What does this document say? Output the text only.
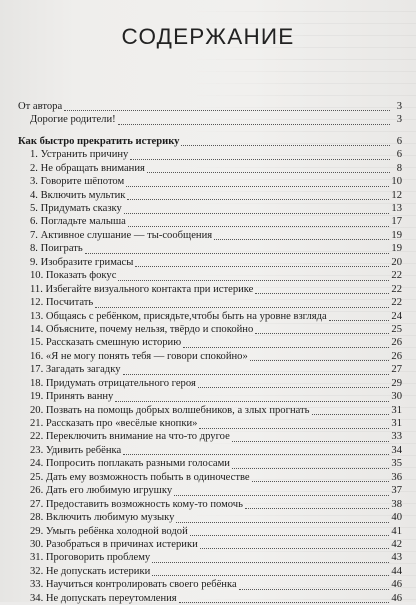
СОДЕРЖАНИЕ
От автора	3
Дорогие родители!	3
Как быстро прекратить истерику	6
1. Устранить причину	6
2. Не обращать внимания	8
3. Говорите шёпотом	10
4. Включить мультик	12
5. Придумать сказку	13
6. Погладьте малыша	17
7. Активное слушание — ты-сообщения	19
8. Поиграть	19
9. Изобразите гримасы	20
10. Показать фокус	22
11. Избегайте визуального контакта при истерике	22
12. Посчитать	22
13. Общаясь с ребёнком, присядьте,чтобы быть на уровне взгляда	24
14. Объясните, почему нельзя, твёрдо и спокойно	25
15. Рассказать смешную историю	26
16. «Я не могу понять тебя — говори спокойно»	26
17. Загадать загадку	27
18. Придумать отрицательного героя	29
19. Принять ванну	30
20. Позвать на помощь добрых волшебников, а злых прогнать	31
21. Рассказать про «весёлые кнопки»	31
22. Переключить внимание на что-то другое	33
23. Удивить ребёнка	34
24. Попросить поплакать разными голосами	35
25. Дать ему возможность побыть в одиночестве	36
26. Дать его любимую игрушку	37
27. Предоставить возможность кому-то помочь	38
28. Включить любимую музыку	40
29. Умыть ребёнка холодной водой	41
30. Разобраться в причинах истерики	42
31. Проговорить проблему	43
32. Не допускать истерики	44
33. Научиться контролировать своего ребёнка	46
34. Не допускать переутомления	46
